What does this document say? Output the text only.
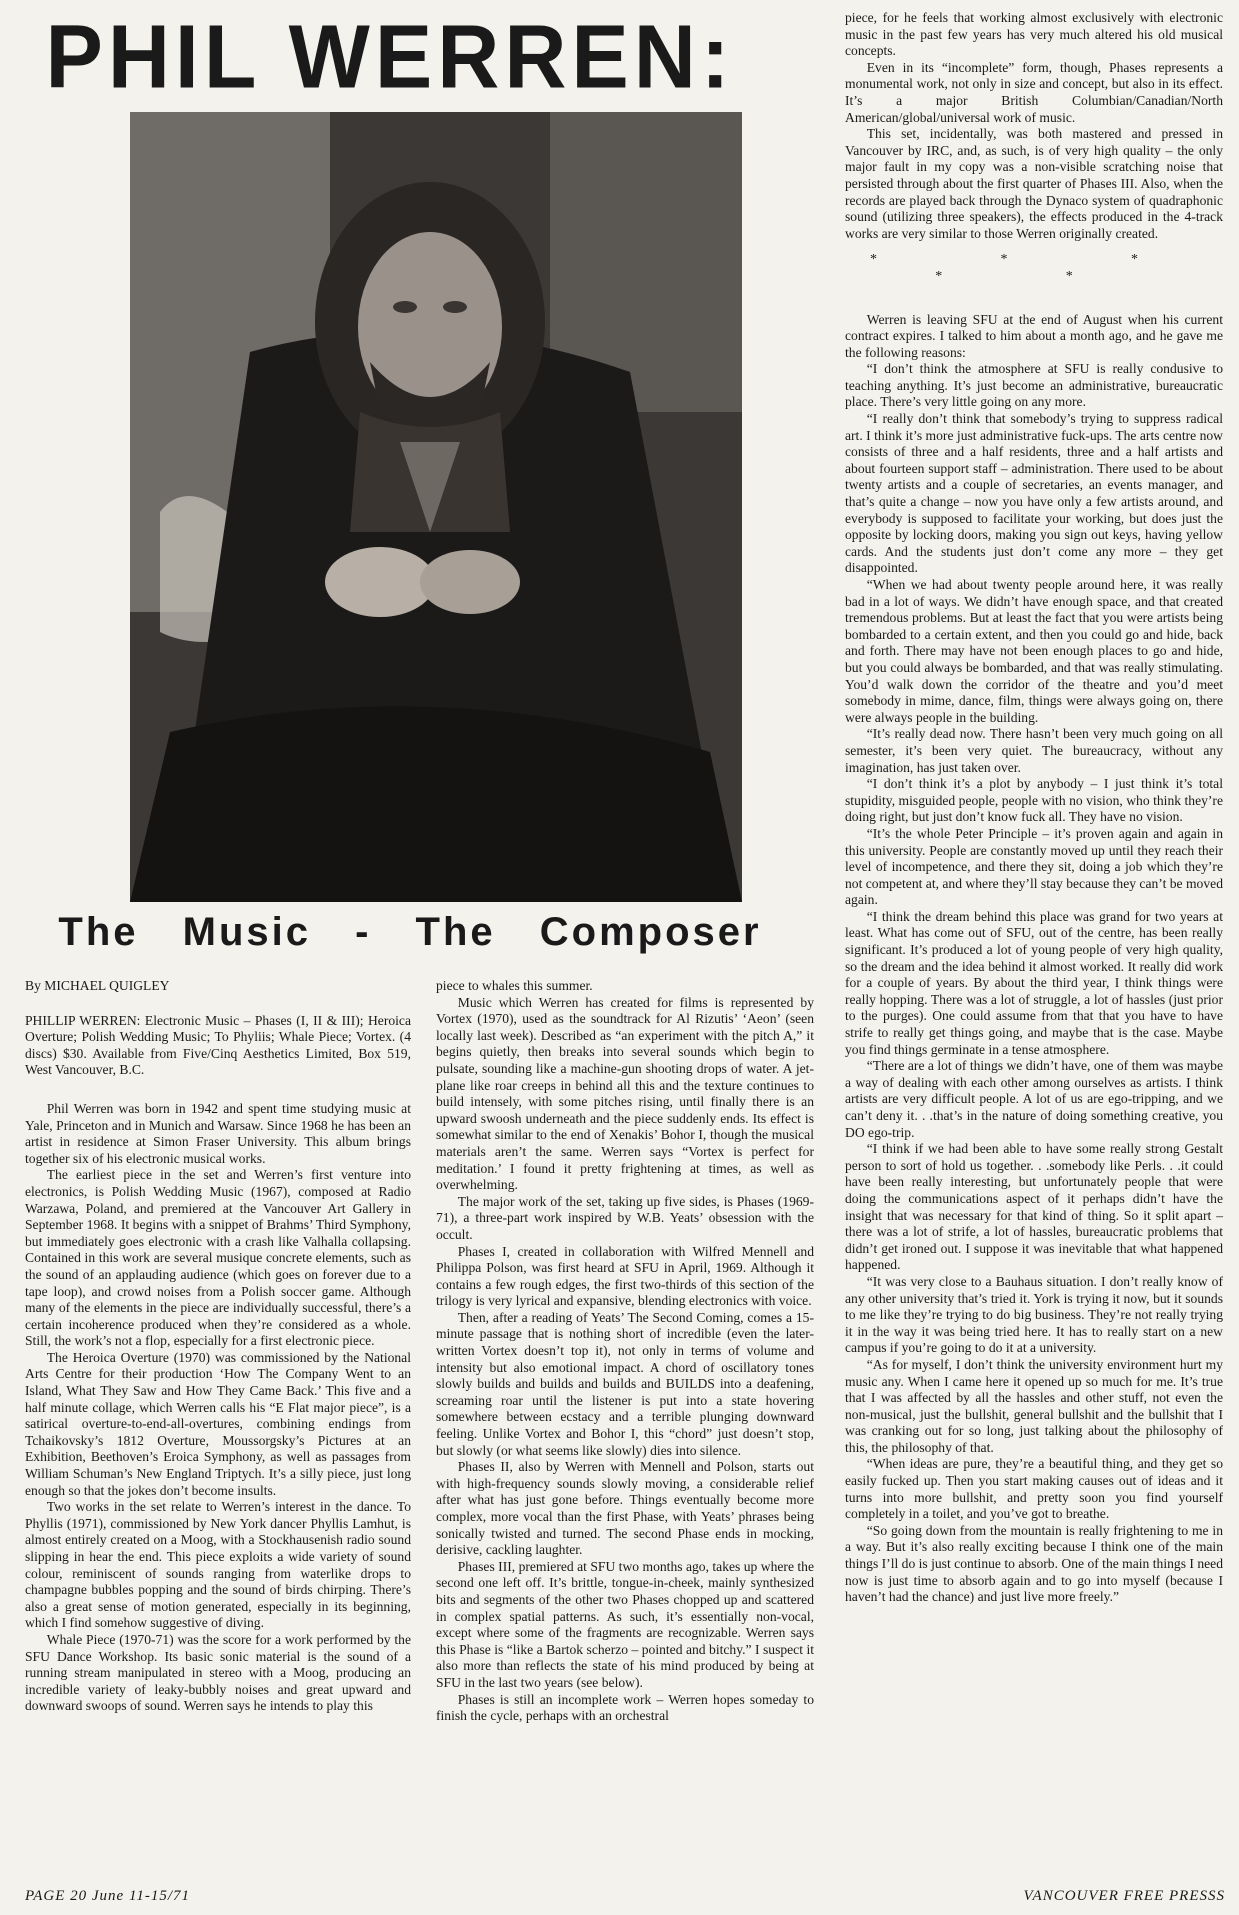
PHIL WERREN:
The Music - The Composer

By MICHAEL QUIGLEY

PHILLIP WERREN: Electronic Music – Phases (I, II & III); Heroica Overture; Polish Wedding Music; To Phyliis; Whale Piece; Vortex. (4 discs) $30. Available from Five/Cinq Aesthetics Limited, Box 519, West Vancouver, B.C.

Phil Werren was born in 1942 and spent time studying music at Yale, Princeton and in Munich and Warsaw. Since 1968 he has been an artist in residence at Simon Fraser University. This album brings together six of his electronic musical works.

The earliest piece in the set and Werren’s first venture into electronics, is Polish Wedding Music (1967), composed at Radio Warzawa, Poland, and premiered at the Vancouver Art Gallery in September 1968. It begins with a snippet of Brahms’ Third Symphony, but immediately goes electronic with a crash like Valhalla collapsing. Contained in this work are several musique concrete elements, such as the sound of an applauding audience (which goes on forever due to a tape loop), and crowd noises from a Polish soccer game. Although many of the elements in the piece are individually successful, there’s a certain incoherence produced when they’re considered as a whole. Still, the work’s not a flop, especially for a first electronic piece.

The Heroica Overture (1970) was commissioned by the National Arts Centre for their production ‘How The Company Went to an Island, What They Saw and How They Came Back.’ This five and a half minute collage, which Werren calls his “E Flat major piece”, is a satirical overture-to-end-all-overtures, combining endings from Tchaikovsky’s 1812 Overture, Moussorgsky’s Pictures at an Exhibition, Beethoven’s Eroica Symphony, as well as passages from William Schuman’s New England Triptych. It’s a silly piece, just long enough so that the jokes don’t become insults.

Two works in the set relate to Werren’s interest in the dance. To Phyllis (1971), commissioned by New York dancer Phyllis Lamhut, is almost entirely created on a Moog, with a Stockhausenish radio sound slipping in hear the end. This piece exploits a wide variety of sound colour, reminiscent of sounds ranging from waterlike drops to champagne bubbles popping and the sound of birds chirping. There’s also a great sense of motion generated, especially in its beginning, which I find somehow suggestive of diving.

Whale Piece (1970-71) was the score for a work performed by the SFU Dance Workshop. Its basic sonic material is the sound of a running stream manipulated in stereo with a Moog, producing an incredible variety of leaky-bubbly noises and great upward and downward swoops of sound. Werren says he intends to play this

piece to whales this summer.

Music which Werren has created for films is represented by Vortex (1970), used as the soundtrack for Al Rizutis’ ‘Aeon’ (seen locally last week). Described as “an experiment with the pitch A,” it begins quietly, then breaks into several sounds which begin to pulsate, sounding like a machine-gun shooting drops of water. A jet-plane like roar creeps in behind all this and the texture continues to build intensely, with some pitches rising, until finally there is an upward swoosh underneath and the piece suddenly ends. Its effect is somewhat similar to the end of Xenakis’ Bohor I, though the musical materials aren’t the same. Werren says “Vortex is perfect for meditation.’ I found it pretty frightening at times, as well as overwhelming.

The major work of the set, taking up five sides, is Phases (1969-71), a three-part work inspired by W.B. Yeats’ obsession with the occult.

Phases I, created in collaboration with Wilfred Mennell and Philippa Polson, was first heard at SFU in April, 1969. Although it contains a few rough edges, the first two-thirds of this section of the trilogy is very lyrical and expansive, blending electronics with voice.

Then, after a reading of Yeats’ The Second Coming, comes a 15-minute passage that is nothing short of incredible (even the later-written Vortex doesn’t top it), not only in terms of volume and intensity but also emotional impact. A chord of oscillatory tones slowly builds and builds and builds and BUILDS into a deafening, screaming roar until the listener is put into a state hovering somewhere between ecstacy and a terrible plunging downward feeling. Unlike Vortex and Bohor I, this “chord” just doesn’t stop, but slowly (or what seems like slowly) dies into silence.

Phases II, also by Werren with Mennell and Polson, starts out with high-frequency sounds slowly moving, a considerable relief after what has just gone before. Things eventually become more complex, more vocal than the first Phase, with Yeats’ phrases being sonically twisted and turned. The second Phase ends in mocking, derisive, cackling laughter.

Phases III, premiered at SFU two months ago, takes up where the second one left off. It’s brittle, tongue-in-cheek, mainly synthesized bits and segments of the other two Phases chopped up and scattered in complex spatial patterns. As such, it’s essentially non-vocal, except where some of the fragments are recognizable. Werren says this Phase is “like a Bartok scherzo – pointed and bitchy.” I suspect it also more than reflects the state of his mind produced by being at SFU in the last two years (see below).

Phases is still an incomplete work – Werren hopes someday to finish the cycle, perhaps with an orchestral

piece, for he feels that working almost exclusively with electronic music in the past few years has very much altered his old musical concepts.

Even in its “incomplete” form, though, Phases represents a monumental work, not only in size and concept, but also in its effect. It’s a major British Columbian/Canadian/North American/global/universal work of music.

This set, incidentally, was both mastered and pressed in Vancouver by IRC, and, as such, is of very high quality – the only major fault in my copy was a non-visible scratching noise that persisted through about the first quarter of Phases III. Also, when the records are played back through the Dynaco system of quadraphonic sound (utilizing three speakers), the effects produced in the 4-track works are very similar to those Werren originally created.

* * * * *

Werren is leaving SFU at the end of August when his current contract expires. I talked to him about a month ago, and he gave me the following reasons:

“I don’t think the atmosphere at SFU is really condusive to teaching anything. It’s just become an administrative, bureaucratic place. There’s very little going on any more.

“I really don’t think that somebody’s trying to suppress radical art. I think it’s more just administrative fuck-ups. The arts centre now consists of three and a half residents, three and a half artists and about fourteen support staff – administration. There used to be about twenty artists and a couple of secretaries, an events manager, and that’s quite a change – now you have only a few artists around, and everybody is supposed to facilitate your working, but does just the opposite by locking doors, making you sign out keys, having yellow cards. And the students just don’t come any more – they get disappointed.

“When we had about twenty people around here, it was really bad in a lot of ways. We didn’t have enough space, and that created tremendous problems. But at least the fact that you were artists being bombarded to a certain extent, and then you could go and hide, back and forth. There may have not been enough places to go and hide, but you could always be bombarded, and that was really stimulating. You’d walk down the corridor of the theatre and you’d meet somebody in mime, dance, film, things were always going on, there were always people in the building.

“It’s really dead now. There hasn’t been very much going on all semester, it’s been very quiet. The bureaucracy, without any imagination, has just taken over.

“I don’t think it’s a plot by anybody – I just think it’s total stupidity, misguided people, people with no vision, who think they’re doing right, but just don’t know fuck all. They have no vision.

“It’s the whole Peter Principle – it’s proven again and again in this university. People are constantly moved up until they reach their level of incompetence, and there they sit, doing a job which they’re not competent at, and where they’ll stay because they can’t be moved again.

“I think the dream behind this place was grand for two years at least. What has come out of SFU, out of the centre, has been really significant. It’s produced a lot of young people of very high quality, so the dream and the idea behind it almost worked. It really did work for a couple of years. By about the third year, I think things were really hopping. There was a lot of struggle, a lot of hassles (just prior to the purges). One could assume from that that you have to have strife to really get things going, and maybe that is the case. Maybe you find things germinate in a tense atmosphere.

“There are a lot of things we didn’t have, one of them was maybe a way of dealing with each other among ourselves as artists. I think artists are very difficult people. A lot of us are ego-tripping, and we can’t deny it. . .that’s in the nature of doing something creative, you DO ego-trip.

“I think if we had been able to have some really strong Gestalt person to sort of hold us together. . .somebody like Perls. . .it could have been really interesting, but unfortunately people that were doing the communications aspect of it perhaps didn’t have the insight that was necessary for that kind of thing. So it split apart – there was a lot of strife, a lot of hassles, bureaucratic problems that didn’t get ironed out. I suppose it was inevitable that what happened happened.

“It was very close to a Bauhaus situation. I don’t really know of any other university that’s tried it. York is trying it now, but it sounds to me like they’re trying to do big business. They’re not really trying it in the way it was being tried here. It has to really start on a new campus if you’re going to do it at a university.

“As for myself, I don’t think the university environment hurt my music any. When I came here it opened up so much for me. It’s true that I was affected by all the hassles and other stuff, not even the non-musical, just the bullshit, general bullshit and the bullshit that I was cranking out for so long, just talking about the philosophy of this, the philosophy of that.

“When ideas are pure, they’re a beautiful thing, and they get so easily fucked up. Then you start making causes out of ideas and it turns into more bullshit, and pretty soon you find yourself completely in a toilet, and you’ve got to breathe.

“So going down from the mountain is really frightening to me in a way. But it’s also really exciting because I think one of the main things I’ll do is just continue to absorb. One of the main things I need now is just time to absorb again and to go into myself (because I haven’t had the chance) and just live more freely.”

PAGE 20 June 11-15/71	VANCOUVER FREE PRESSS
